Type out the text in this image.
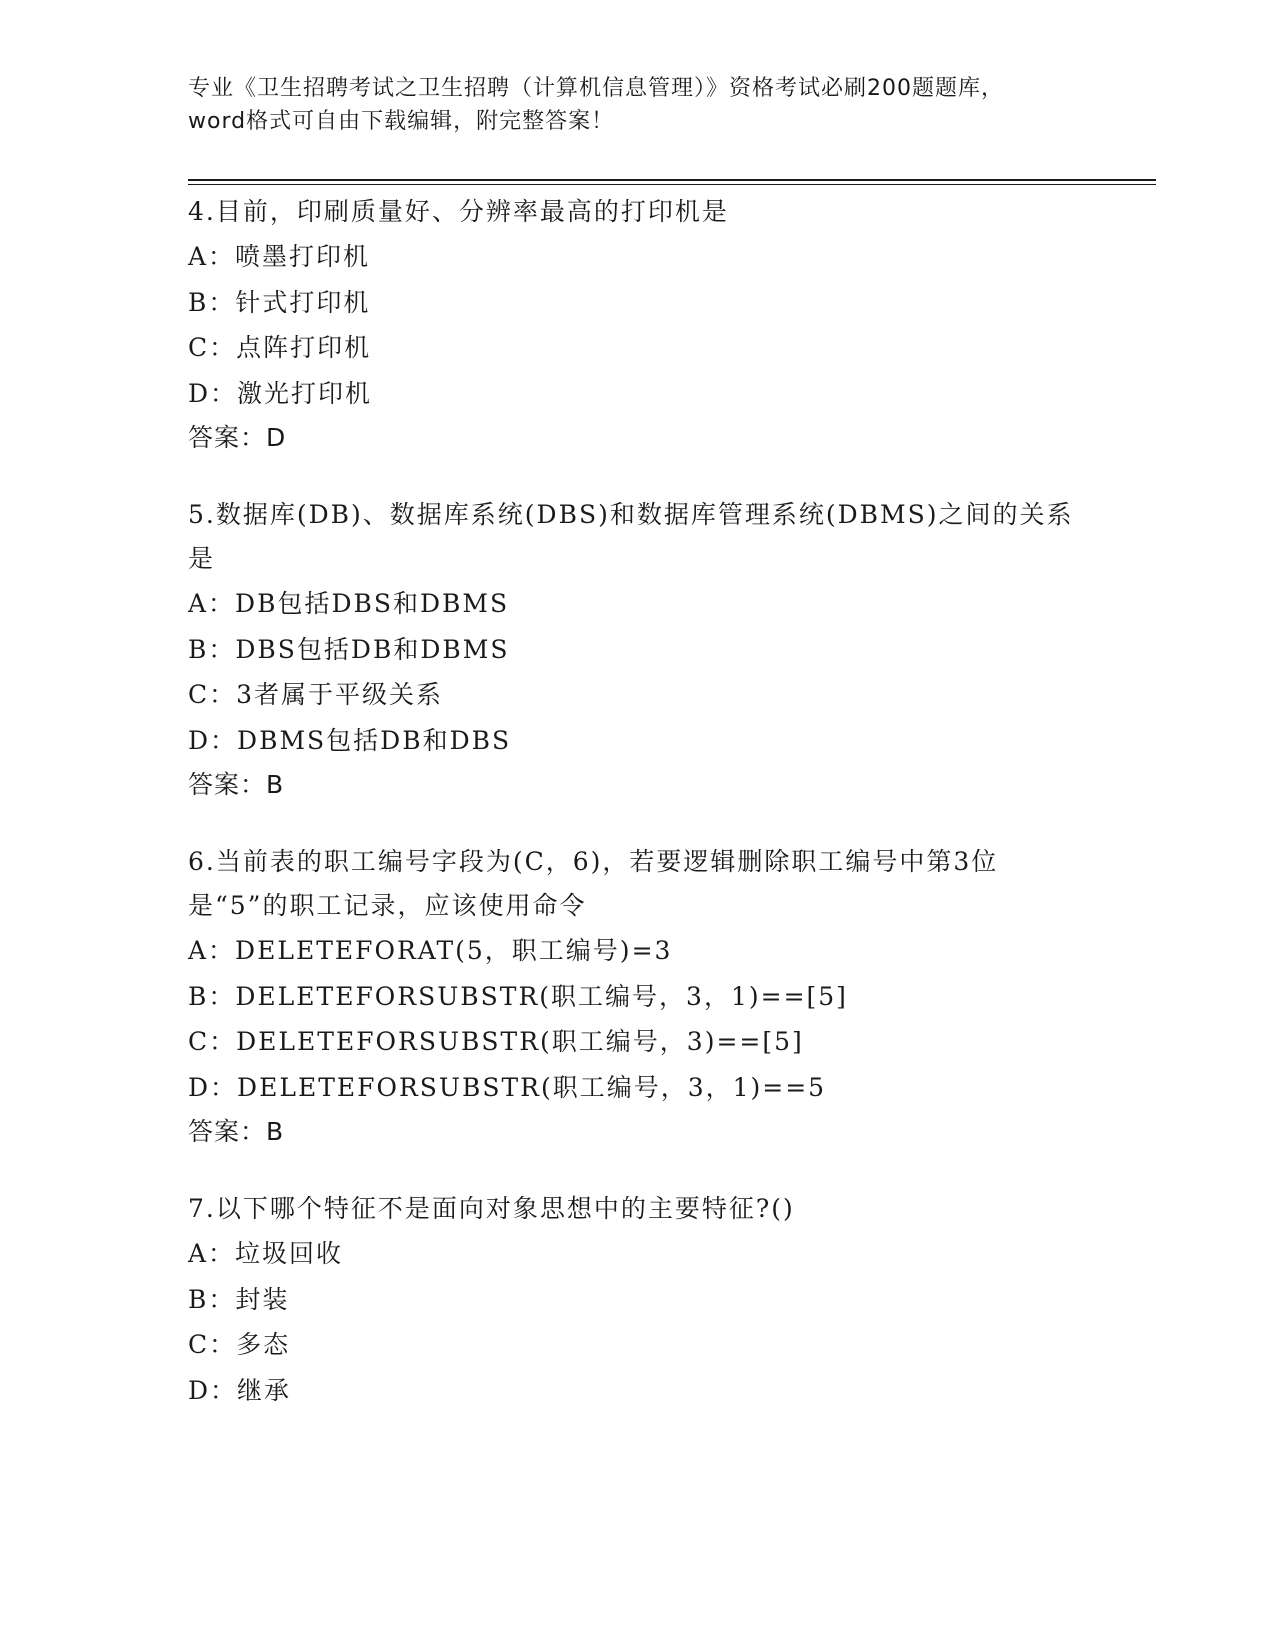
专业《卫生招聘考试之卫生招聘（计算机信息管理）》资格考试必刷200题题库，
word格式可自由下载编辑，附完整答案！
4.目前，印刷质量好、分辨率最高的打印机是
A：喷墨打印机
B：针式打印机
C：点阵打印机
D：激光打印机
答案：D
5.数据库(DB)、数据库系统(DBS)和数据库管理系统(DBMS)之间的关系
是
A：DB包括DBS和DBMS
B：DBS包括DB和DBMS
C：3者属于平级关系
D：DBMS包括DB和DBS
答案：B
6.当前表的职工编号字段为(C，6)，若要逻辑删除职工编号中第3位
是“5”的职工记录，应该使用命令
A：DELETEFORAT(5，职工编号)=3
B：DELETEFORSUBSTR(职工编号，3，1)==[5]
C：DELETEFORSUBSTR(职工编号，3)==[5]
D：DELETEFORSUBSTR(职工编号，3，1)==5
答案：B
7.以下哪个特征不是面向对象思想中的主要特征?()
A：垃圾回收
B：封装
C：多态
D：继承
